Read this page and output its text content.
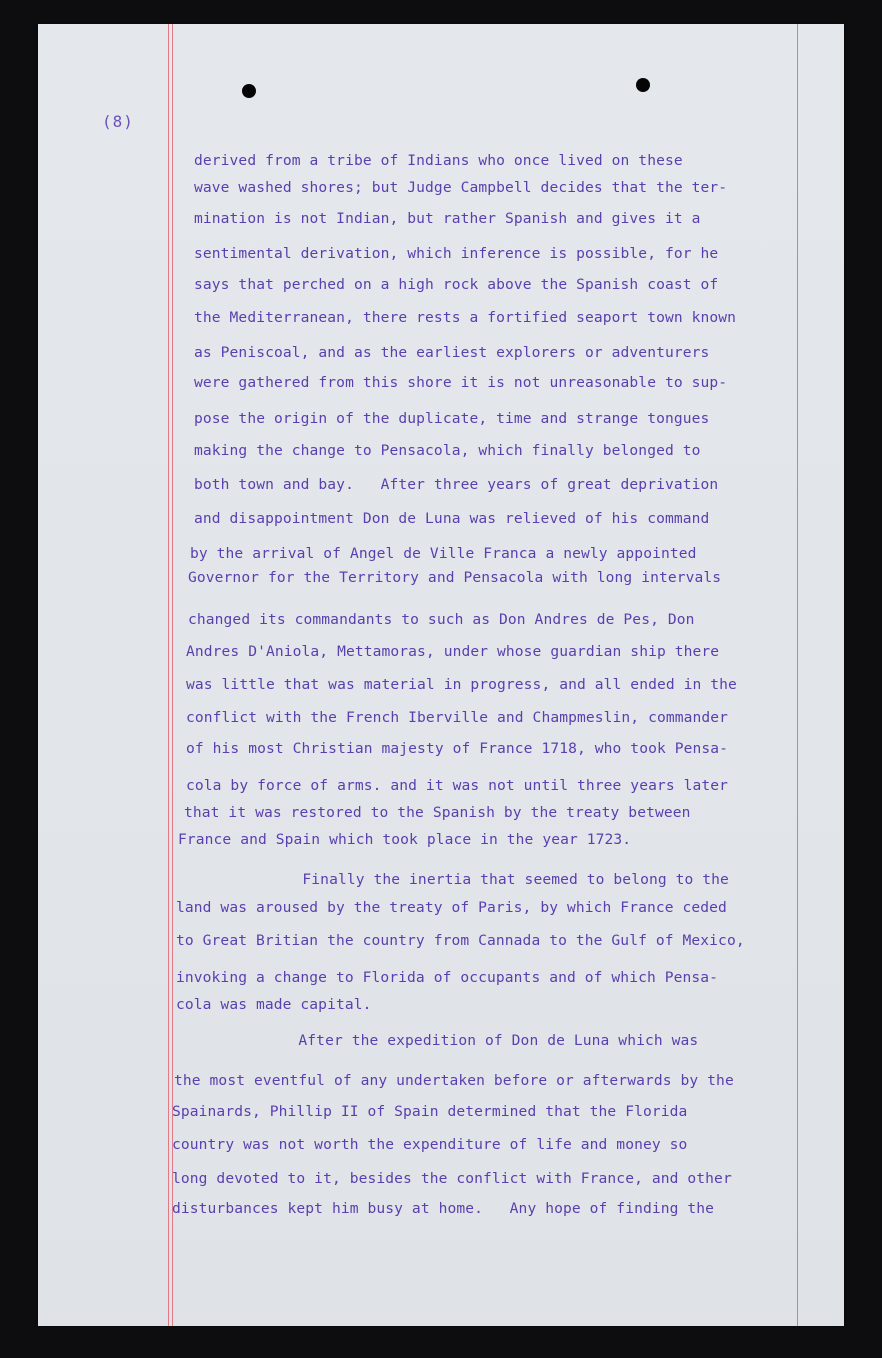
(8)
derived from a tribe of Indians who once lived on these
wave washed shores; but Judge Campbell decides that the ter-
mination is not Indian, but rather Spanish and gives it a
sentimental derivation, which inference is possible, for he
says that perched on a high rock above the Spanish coast of
the Mediterranean, there rests a fortified seaport town known
as Peniscoal, and as the earliest explorers or adventurers
were gathered from this shore it is not unreasonable to sup-
pose the origin of the duplicate, time and strange tongues
making the change to Pensacola, which finally belonged to
both town and bay.   After three years of great deprivation
and disappointment Don de Luna was relieved of his command
by the arrival of Angel de Ville Franca a newly appointed
Governor for the Territory and Pensacola with long intervals
changed its commandants to such as Don Andres de Pes, Don
Andres D'Aniola, Mettamoras, under whose guardian ship there
was little that was material in progress, and all ended in the
conflict with the French Iberville and Champmeslin, commander
of his most Christian majesty of France 1718, who took Pensa-
cola by force of arms. and it was not until three years later
that it was restored to the Spanish by the treaty between
France and Spain which took place in the year 1723.
Finally the inertia that seemed to belong to the
land was aroused by the treaty of Paris, by which France ceded
to Great Britian the country from Cannada to the Gulf of Mexico,
invoking a change to Florida of occupants and of which Pensa-
cola was made capital.
After the expedition of Don de Luna which was
the most eventful of any undertaken before or afterwards by the
Spainards, Phillip II of Spain determined that the Florida
country was not worth the expenditure of life and money so
long devoted to it, besides the conflict with France, and other
disturbances kept him busy at home.   Any hope of finding the
